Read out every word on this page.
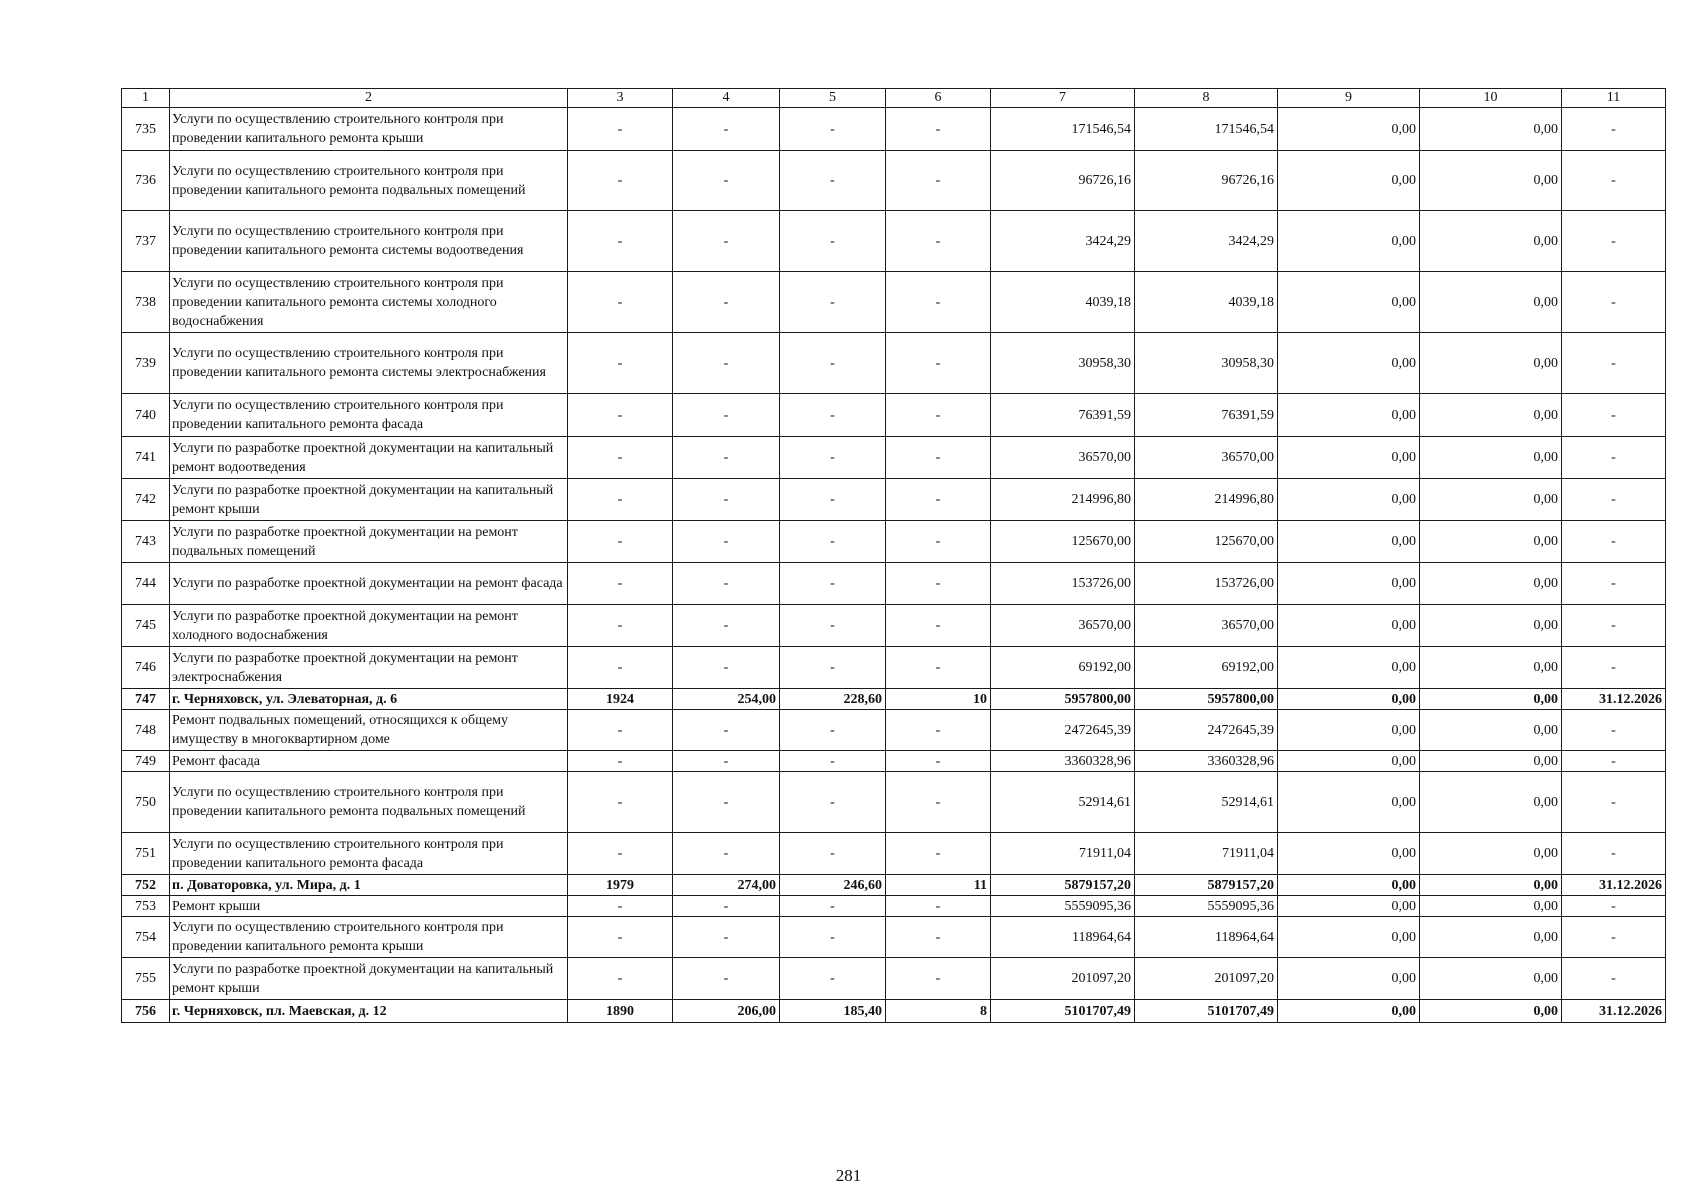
1	2	3	4	5	6	7	8	9	10	11
735	Услуги по осуществлению строительного контроля при проведении капитального ремонта крыши	-	-	-	-	171546,54	171546,54	0,00	0,00	-
736	Услуги по осуществлению строительного контроля при проведении капитального ремонта подвальных помещений	-	-	-	-	96726,16	96726,16	0,00	0,00	-
737	Услуги по осуществлению строительного контроля при проведении капитального ремонта системы водоотведения	-	-	-	-	3424,29	3424,29	0,00	0,00	-
738	Услуги по осуществлению строительного контроля при проведении капитального ремонта системы холодного водоснабжения	-	-	-	-	4039,18	4039,18	0,00	0,00	-
739	Услуги по осуществлению строительного контроля при проведении капитального ремонта системы электроснабжения	-	-	-	-	30958,30	30958,30	0,00	0,00	-
740	Услуги по осуществлению строительного контроля при проведении капитального ремонта фасада	-	-	-	-	76391,59	76391,59	0,00	0,00	-
741	Услуги по разработке проектной документации на капитальный ремонт водоотведения	-	-	-	-	36570,00	36570,00	0,00	0,00	-
742	Услуги по разработке проектной документации на капитальный ремонт крыши	-	-	-	-	214996,80	214996,80	0,00	0,00	-
743	Услуги по разработке проектной документации на ремонт подвальных помещений	-	-	-	-	125670,00	125670,00	0,00	0,00	-
744	Услуги по разработке проектной документации на ремонт фасада	-	-	-	-	153726,00	153726,00	0,00	0,00	-
745	Услуги по разработке проектной документации на ремонт холодного водоснабжения	-	-	-	-	36570,00	36570,00	0,00	0,00	-
746	Услуги по разработке проектной документации на ремонт электроснабжения	-	-	-	-	69192,00	69192,00	0,00	0,00	-
747	г. Черняховск, ул. Элеваторная, д. 6	1924	254,00	228,60	10	5957800,00	5957800,00	0,00	0,00	31.12.2026
748	Ремонт подвальных помещений, относящихся к общему имуществу в многоквартирном доме	-	-	-	-	2472645,39	2472645,39	0,00	0,00	-
749	Ремонт фасада	-	-	-	-	3360328,96	3360328,96	0,00	0,00	-
750	Услуги по осуществлению строительного контроля при проведении капитального ремонта подвальных помещений	-	-	-	-	52914,61	52914,61	0,00	0,00	-
751	Услуги по осуществлению строительного контроля при проведении капитального ремонта фасада	-	-	-	-	71911,04	71911,04	0,00	0,00	-
752	п. Доваторовка, ул. Мира, д. 1	1979	274,00	246,60	11	5879157,20	5879157,20	0,00	0,00	31.12.2026
753	Ремонт крыши	-	-	-	-	5559095,36	5559095,36	0,00	0,00	-
754	Услуги по осуществлению строительного контроля при проведении капитального ремонта крыши	-	-	-	-	118964,64	118964,64	0,00	0,00	-
755	Услуги по разработке проектной документации на капитальный ремонт крыши	-	-	-	-	201097,20	201097,20	0,00	0,00	-
756	г. Черняховск, пл. Маевская, д. 12	1890	206,00	185,40	8	5101707,49	5101707,49	0,00	0,00	31.12.2026
281
